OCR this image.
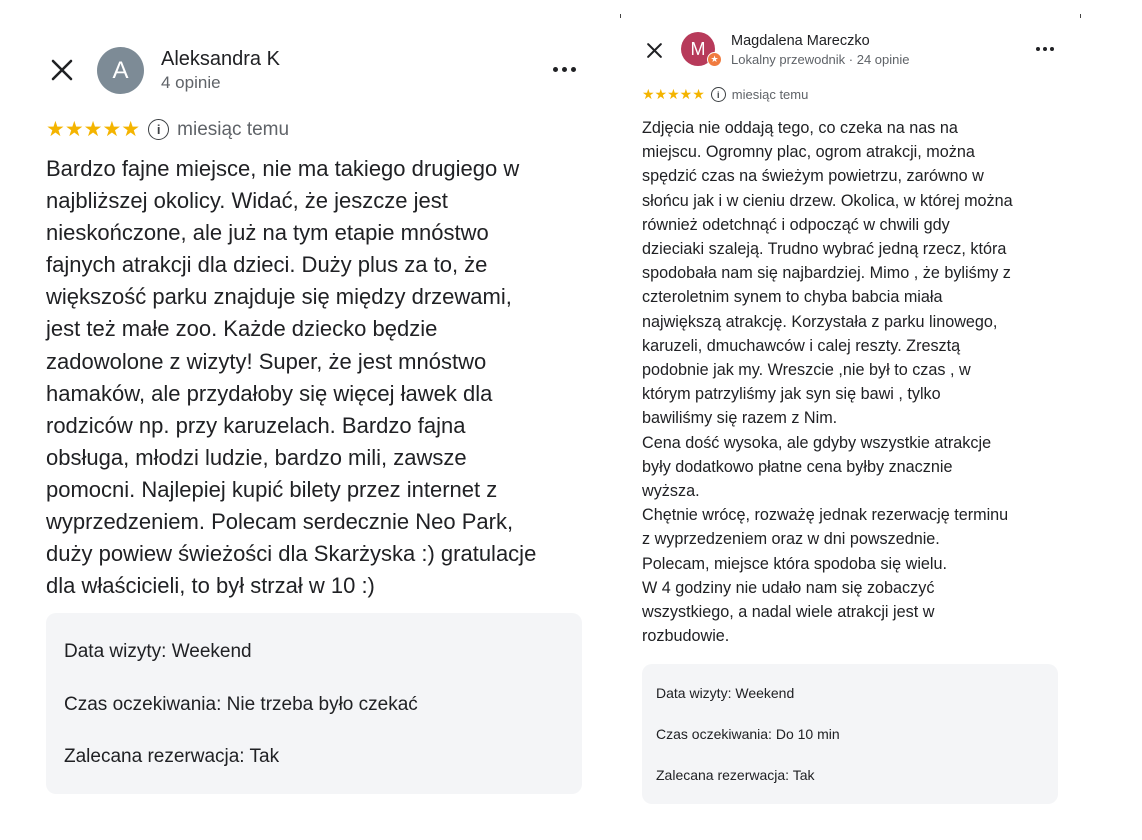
A Aleksandra K
4 opinie
★★★★★	i miesiąc temu

Bardzo fajne miejsce, nie ma takiego drugiego w

najbliższej okolicy. Widać, że jeszcze jest

nieskończone, ale już na tym etapie mnóstwo

fajnych atrakcji dla dzieci. Duży plus za to, że

większość parku znajduje się między drzewami,

jest też małe zoo. Każde dziecko będzie

zadowolone z wizyty! Super, że jest mnóstwo

hamaków, ale przydałoby się więcej ławek dla

rodziców np. przy karuzelach. Bardzo fajna

obsługa, młodzi ludzie, bardzo mili, zawsze

pomocni. Najlepiej kupić bilety przez internet z

wyprzedzeniem. Polecam serdecznie Neo Park,

duży powiew świeżości dla Skarżyska :) gratulacje

dla właścicieli, to był strzał w 10 :)

Data wizyty: Weekend
Czas oczekiwania: Nie trzeba było czekać
Zalecana rezerwacja: Tak
M
★
Magdalena Mareczko
Lokalny przewodnik · 24 opinie
★★★★★	i miesiąc temu

Zdjęcia nie oddają tego, co czeka na nas na

miejscu. Ogromny plac, ogrom atrakcji, można

spędzić czas na świeżym powietrzu, zarówno w

słońcu jak i w cieniu drzew. Okolica, w której można

również odetchnąć i odpocząć w chwili gdy

dzieciaki szaleją. Trudno wybrać jedną rzecz, która

spodobała nam się najbardziej. Mimo , że byliśmy z

czteroletnim synem to chyba babcia miała

największą atrakcję. Korzystała z parku linowego,

karuzeli, dmuchawców i calej reszty. Zresztą

podobnie jak my. Wreszcie ,nie był to czas , w

którym patrzyliśmy jak syn się bawi , tylko

bawiliśmy się razem z Nim.

Cena dość wysoka, ale gdyby wszystkie atrakcje

były dodatkowo płatne cena byłby znacznie

wyższa.

Chętnie wrócę, rozważę jednak rezerwację terminu

z wyprzedzeniem oraz w dni powszednie.

Polecam, miejsce która spodoba się wielu.

W 4 godziny nie udało nam się zobaczyć

wszystkiego, a nadal wiele atrakcji jest w

rozbudowie.

Data wizyty: Weekend
Czas oczekiwania: Do 10 min
Zalecana rezerwacja: Tak
